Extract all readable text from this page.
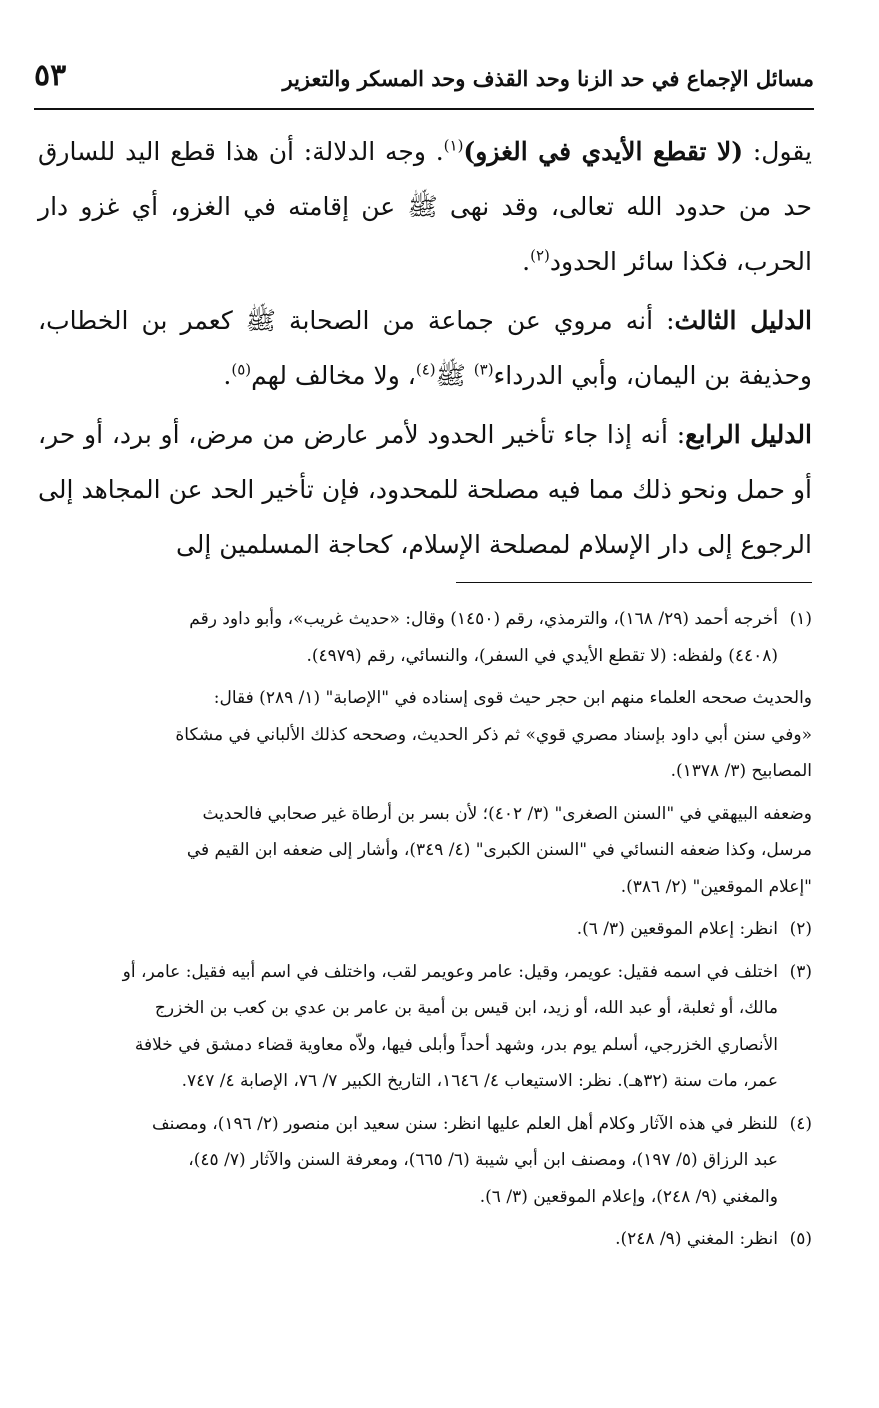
مسائل الإجماع في حد الزنا وحد القذف وحد المسكر والتعزير
٥٣

يقول: (لا تقطع الأيدي في الغزو)$^{(١)}$. وجه الدلالة: أن هذا قطع اليد للسارق حد من حدود الله تعالى، وقد نهى ﷺ عن إقامته في الغزو، أي غزو دار الحرب، فكذا سائر الحدود$^{(٢)}$.

الدليل الثالث: أنه مروي عن جماعة من الصحابة ﷺ كعمر بن الخطاب، وحذيفة بن اليمان، وأبي الدرداء$^{(٣)}$ ﷺ$^{(٤)}$، ولا مخالف لهم$^{(٥)}$.

الدليل الرابع: أنه إذا جاء تأخير الحدود لأمر عارض من مرض، أو برد، أو حر، أو حمل ونحو ذلك مما فيه مصلحة للمحدود، فإن تأخير الحد عن المجاهد إلى الرجوع إلى دار الإسلام لمصلحة الإسلام، كحاجة المسلمين إلى

(١)
أخرجه أحمد (٢٩/ ١٦٨)، والترمذي، رقم (١٤٥٠) وقال: «حديث غريب»، وأبو داود رقم
(٤٤٠٨) ولفظه: (لا تقطع الأيدي في السفر)، والنسائي، رقم (٤٩٧٩).
والحديث صححه العلماء منهم ابن حجر حيث قوى إسناده في "الإصابة" (١/ ٢٨٩) فقال:
«وفي سنن أبي داود بإسناد مصري قوي» ثم ذكر الحديث، وصححه كذلك الألباني في مشكاة
المصابيح (٣/ ١٣٧٨).
وضعفه البيهقي في "السنن الصغرى" (٣/ ٤٠٢)؛ لأن بسر بن أرطاة غير صحابي فالحديث
مرسل، وكذا ضعفه النسائي في "السنن الكبرى" (٤/ ٣٤٩)، وأشار إلى ضعفه ابن القيم في
"إعلام الموقعين" (٢/ ٣٨٦).
(٢)
انظر: إعلام الموقعين (٣/ ٦).
(٣)
اختلف في اسمه فقيل: عويمر، وقيل: عامر وعويمر لقب، واختلف في اسم أبيه فقيل: عامر، أو
مالك، أو ثعلبة، أو عبد الله، أو زيد، ابن قيس بن أمية بن عامر بن عدي بن كعب بن الخزرج
الأنصاري الخزرجي، أسلم يوم بدر، وشهد أحداً وأبلى فيها، ولاّه معاوية قضاء دمشق في خلافة
عمر، مات سنة (٣٢هـ). نظر: الاستيعاب ٤/ ١٦٤٦، التاريخ الكبير ٧/ ٧٦، الإصابة ٤/ ٧٤٧.
(٤)
للنظر في هذه الآثار وكلام أهل العلم عليها انظر: سنن سعيد ابن منصور (٢/ ١٩٦)، ومصنف
عبد الرزاق (٥/ ١٩٧)، ومصنف ابن أبي شيبة (٦/ ٦٦٥)، ومعرفة السنن والآثار (٧/ ٤٥)،
والمغني (٩/ ٢٤٨)، وإعلام الموقعين (٣/ ٦).
(٥)
انظر: المغني (٩/ ٢٤٨).
